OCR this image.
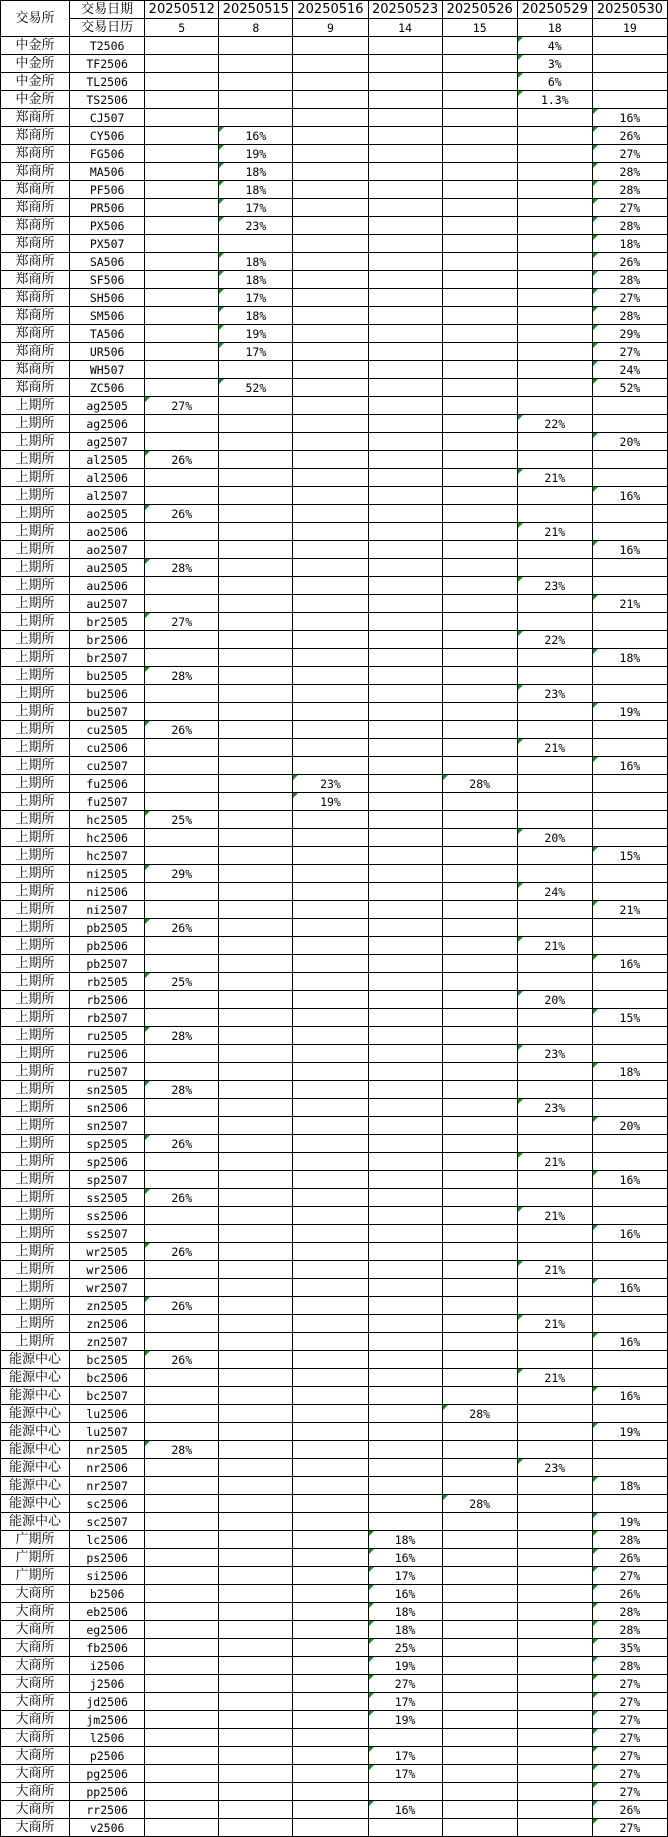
交易所	交易日期	20250512	20250515	20250516	20250523	20250526	20250529	20250530
	交易日历	5	8	9	14	15	18	19
中金所	T2506						4%	
中金所	TF2506						3%	
中金所	TL2506						6%	
中金所	TS2506						1.3%	
郑商所	CJ507							16%
郑商所	CY506		16%					26%
郑商所	FG506		19%					27%
郑商所	MA506		18%					28%
郑商所	PF506		18%					28%
郑商所	PR506		17%					27%
郑商所	PX506		23%					28%
郑商所	PX507							18%
郑商所	SA506		18%					26%
郑商所	SF506		18%					28%
郑商所	SH506		17%					27%
郑商所	SM506		18%					28%
郑商所	TA506		19%					29%
郑商所	UR506		17%					27%
郑商所	WH507							24%
郑商所	ZC506		52%					52%
上期所	ag2505	27%						
上期所	ag2506						22%	
上期所	ag2507							20%
上期所	al2505	26%						
上期所	al2506						21%	
上期所	al2507							16%
上期所	ao2505	26%						
上期所	ao2506						21%	
上期所	ao2507							16%
上期所	au2505	28%						
上期所	au2506						23%	
上期所	au2507							21%
上期所	br2505	27%						
上期所	br2506						22%	
上期所	br2507							18%
上期所	bu2505	28%						
上期所	bu2506						23%	
上期所	bu2507							19%
上期所	cu2505	26%						
上期所	cu2506						21%	
上期所	cu2507							16%
上期所	fu2506			23%		28%		
上期所	fu2507			19%				
上期所	hc2505	25%						
上期所	hc2506						20%	
上期所	hc2507							15%
上期所	ni2505	29%						
上期所	ni2506						24%	
上期所	ni2507							21%
上期所	pb2505	26%						
上期所	pb2506						21%	
上期所	pb2507							16%
上期所	rb2505	25%						
上期所	rb2506						20%	
上期所	rb2507							15%
上期所	ru2505	28%						
上期所	ru2506						23%	
上期所	ru2507							18%
上期所	sn2505	28%						
上期所	sn2506						23%	
上期所	sn2507							20%
上期所	sp2505	26%						
上期所	sp2506						21%	
上期所	sp2507							16%
上期所	ss2505	26%						
上期所	ss2506						21%	
上期所	ss2507							16%
上期所	wr2505	26%						
上期所	wr2506						21%	
上期所	wr2507							16%
上期所	zn2505	26%						
上期所	zn2506						21%	
上期所	zn2507							16%
能源中心	bc2505	26%						
能源中心	bc2506						21%	
能源中心	bc2507							16%
能源中心	lu2506					28%		
能源中心	lu2507							19%
能源中心	nr2505	28%						
能源中心	nr2506						23%	
能源中心	nr2507							18%
能源中心	sc2506					28%		
能源中心	sc2507							19%
广期所	lc2506				18%			28%
广期所	ps2506				16%			26%
广期所	si2506				17%			27%
大商所	b2506				16%			26%
大商所	eb2506				18%			28%
大商所	eg2506				18%			28%
大商所	fb2506				25%			35%
大商所	i2506				19%			28%
大商所	j2506				27%			27%
大商所	jd2506				17%			27%
大商所	jm2506				19%			27%
大商所	l2506							27%
大商所	p2506				17%			27%
大商所	pg2506				17%			27%
大商所	pp2506							27%
大商所	rr2506				16%			26%
大商所	v2506							27%
